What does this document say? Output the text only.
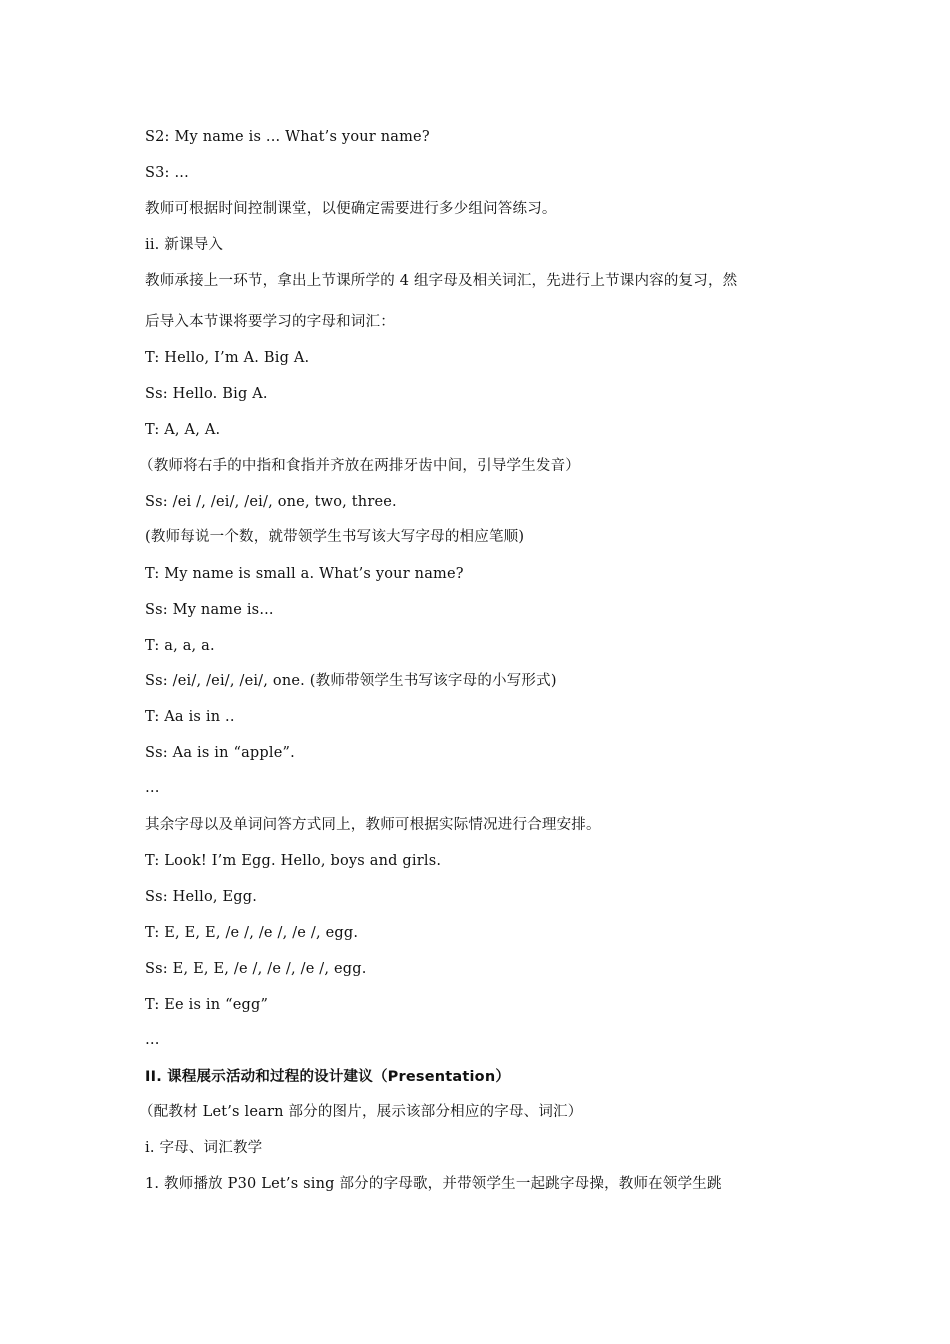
S2: My name is ... What’s your name?
S3: ...
教师可根据时间控制课堂，以便确定需要进行多少组问答练习。
ii. 新课导入
教师承接上一环节，拿出上节课所学的 4 组字母及相关词汇，先进行上节课内容的复习，然
后导入本节课将要学习的字母和词汇：
T: Hello, I’m A. Big A.
Ss: Hello. Big A.
T: A, A, A.
（教师将右手的中指和食指并齐放在两排牙齿中间，引导学生发音）
Ss: /ei /, /ei/, /ei/, one, two, three.
(教师每说一个数，就带领学生书写该大写字母的相应笔顺)
T: My name is small a. What’s your name?
Ss: My name is...
T: a, a, a.
Ss: /ei/, /ei/, /ei/, one. (教师带领学生书写该字母的小写形式)
T: Aa is in ..
Ss: Aa is in “apple”.
…
其余字母以及单词问答方式同上，教师可根据实际情况进行合理安排。
T: Look! I’m Egg. Hello, boys and girls.
Ss: Hello, Egg.
T: E, E, E, /e /, /e /, /e /, egg.
Ss: E, E, E, /e /, /e /, /e /, egg.
T: Ee is in “egg”
…
II. 课程展示活动和过程的设计建议（Presentation）
（配教材 Let’s learn 部分的图片，展示该部分相应的字母、词汇）
i. 字母、词汇教学
1. 教师播放 P30 Let’s sing 部分的字母歌，并带领学生一起跳字母操，教师在领学生跳
